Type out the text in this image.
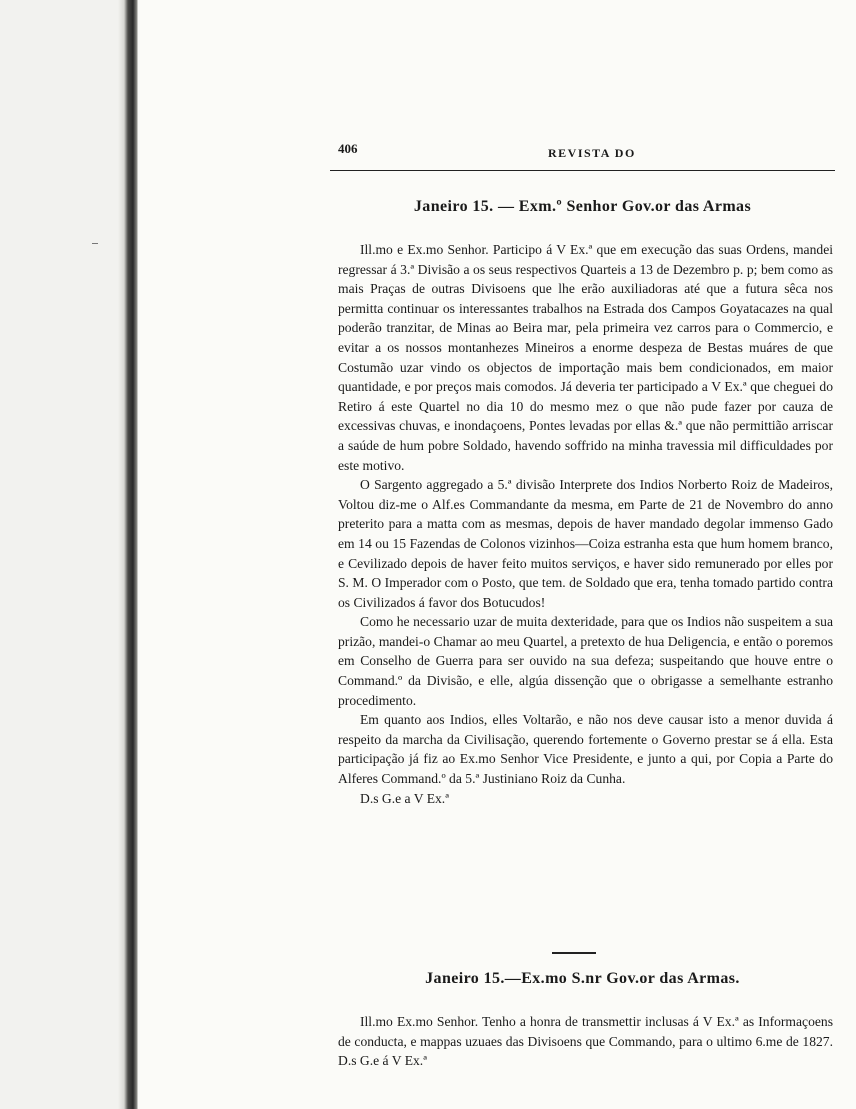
406	REVISTA DO
Janeiro 15. — Exm.º Senhor Gov.or das Armas

Ill.mo e Ex.mo Senhor. Participo á V Ex.ª que em execução das suas Ordens, mandei regressar á 3.ª Divisão a os seus respectivos Quarteis a 13 de Dezembro p. p; bem como as mais Praças de outras Divisoens que lhe erão auxiliadoras até que a futura sêca nos permitta continuar os interessantes trabalhos na Estrada dos Campos Goyatacazes na qual poderão tranzitar, de Minas ao Beira mar, pela primeira vez carros para o Commercio, e evitar a os nossos montanhezes Mineiros a enorme despeza de Bestas muáres de que Costumão uzar vindo os objectos de importação mais bem condicionados, em maior quantidade, e por preços mais comodos. Já deveria ter participado a V Ex.ª que cheguei do Retiro á este Quartel no dia 10 do mesmo mez o que não pude fazer por cauza de excessivas chuvas, e inondaçoens, Pontes levadas por ellas &.ª que não permittião arriscar a saúde de hum pobre Soldado, havendo soffrido na minha travessia mil difficuldades por este motivo.

O Sargento aggregado a 5.ª divisão Interprete dos Indios Norberto Roiz de Madeiros, Voltou diz-me o Alf.es Commandante da mesma, em Parte de 21 de Novembro do anno preterito para a matta com as mesmas, depois de haver mandado degolar immenso Gado em 14 ou 15 Fazendas de Colonos vizinhos—Coiza estranha esta que hum homem branco, e Cevilizado depois de haver feito muitos serviços, e haver sido remunerado por elles por S. M. O Imperador com o Posto, que tem. de Soldado que era, tenha tomado partido contra os Civilizados á favor dos Botucudos!

Como he necessario uzar de muita dexteridade, para que os Indios não suspeitem a sua prizão, mandei-o Chamar ao meu Quartel, a pretexto de hua Deligencia, e então o poremos em Conselho de Guerra para ser ouvido na sua defeza; suspeitando que houve entre o Command.º da Divisão, e elle, algúa dissenção que o obrigasse a semelhante estranho procedimento.

Em quanto aos Indios, elles Voltarão, e não nos deve causar isto a menor duvida á respeito da marcha da Civilisação, querendo fortemente o Governo prestar se á ella. Esta participação já fiz ao Ex.mo Senhor Vice Presidente, e junto a qui, por Copia a Parte do Alferes Command.º da 5.ª Justiniano Roiz da Cunha.

D.s G.e a V Ex.ª

Janeiro 15.—Ex.mo S.nr Gov.or das Armas.

Ill.mo Ex.mo Senhor. Tenho a honra de transmettir inclusas á V Ex.ª as Informaçoens de conducta, e mappas uzuaes das Divisoens que Commando, para o ultimo 6.me de 1827. D.s G.e á V Ex.ª
